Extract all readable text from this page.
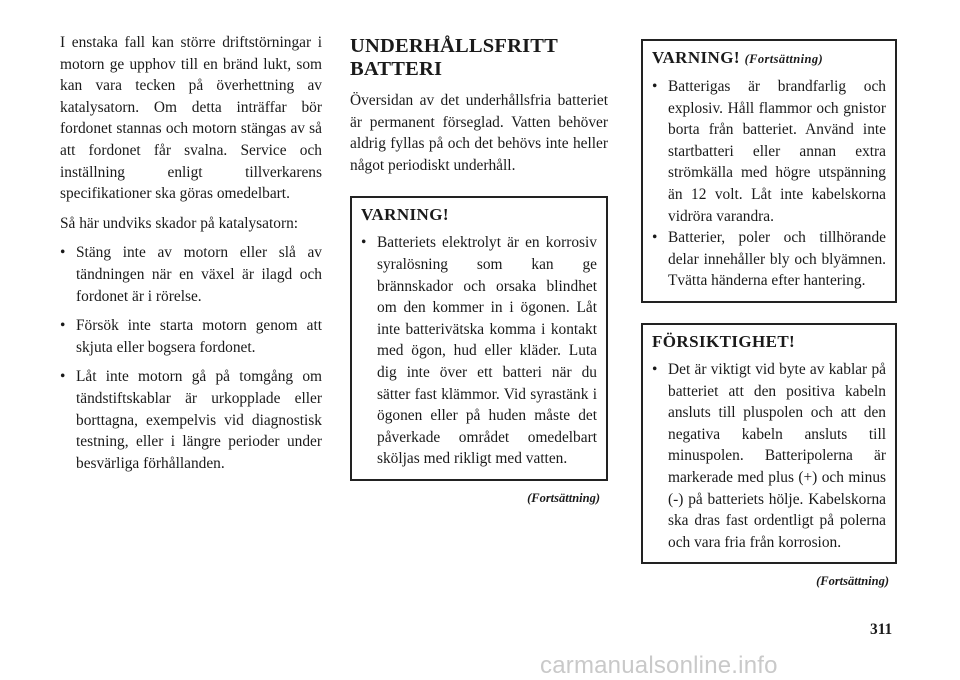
I enstaka fall kan större driftstörningar i motorn ge upphov till en bränd lukt, som kan vara tecken på överhettning av katalysatorn. Om detta inträffar bör fordonet stannas och motorn stängas av så att fordonet får svalna. Service och inställning enligt tillverkarens specifikationer ska göras omedelbart.

Så här undviks skador på katalysatorn:

• Stäng inte av motorn eller slå av tändningen när en växel är ilagd och fordonet är i rörelse.
• Försök inte starta motorn genom att skjuta eller bogsera fordonet.
• Låt inte motorn gå på tomgång om tändstiftskablar är urkopplade eller borttagna, exempelvis vid diagnostisk testning, eller i längre perioder under besvärliga förhållanden.
UNDERHÅLLSFRITT
BATTERI

Översidan av det underhållsfria batteriet är permanent förseglad. Vatten behöver aldrig fyllas på och det behövs inte heller något periodiskt underhåll.

VARNING!
• Batteriets elektrolyt är en korrosiv syralösning som kan ge brännskador och orsaka blindhet om den kommer in i ögonen. Låt inte batterivätska komma i kontakt med ögon, hud eller kläder. Luta dig inte över ett batteri när du sätter fast klämmor. Vid syrastänk i ögonen eller på huden måste det påverkade området omedelbart sköljas med rikligt med vatten.
(Fortsättning)
VARNING! (Fortsättning)
• Batterigas är brandfarlig och explosiv. Håll flammor och gnistor borta från batteriet. Använd inte startbatteri eller annan extra strömkälla med högre utspänning än 12 volt. Låt inte kabelskorna vidröra varandra.
• Batterier, poler och tillhörande delar innehåller bly och blyämnen. Tvätta händerna efter hantering.
FÖRSIKTIGHET!
• Det är viktigt vid byte av kablar på batteriet att den positiva kabeln ansluts till pluspolen och att den negativa kabeln ansluts till minuspolen. Batteripolerna är markerade med plus (+) och minus (-) på batteriets hölje. Kabelskorna ska dras fast ordentligt på polerna och vara fria från korrosion.
(Fortsättning)
311
carmanualsonline.info
